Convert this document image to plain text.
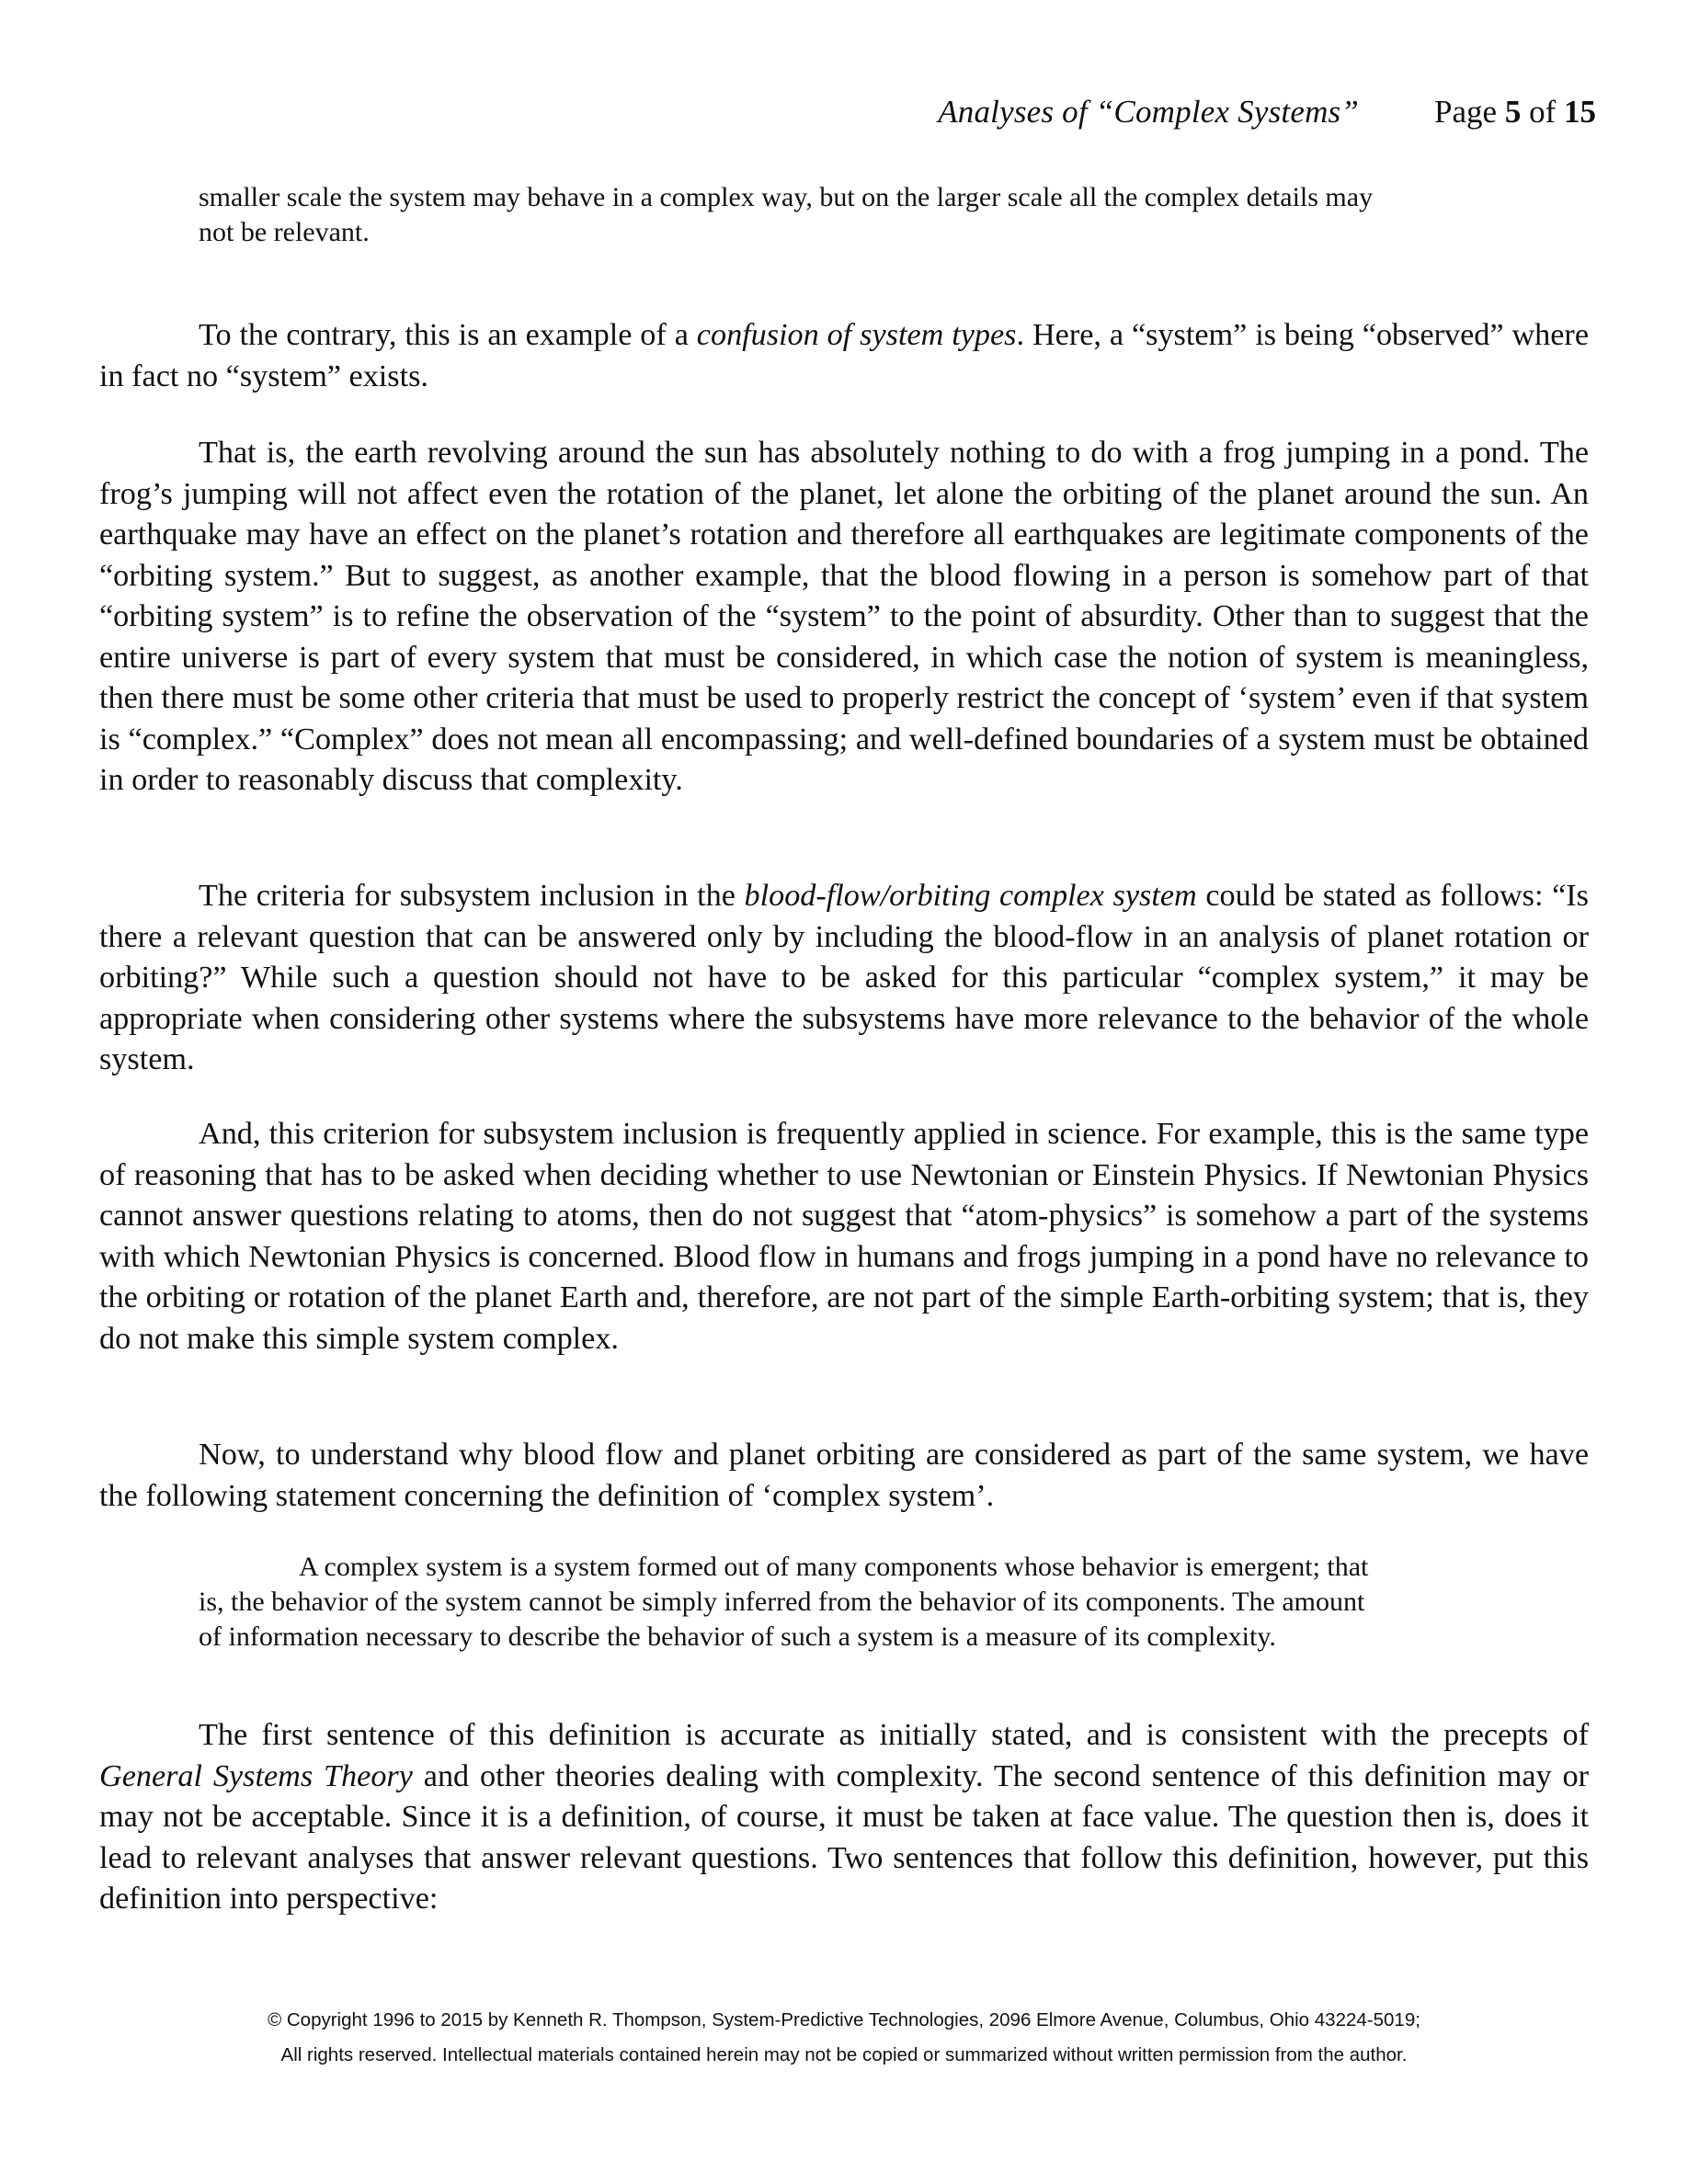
Analyses of “Complex Systems” Page 5 of 15
smaller scale the system may behave in a complex way, but on the larger scale all the complex details may
not be relevant.

To the contrary, this is an example of a confusion of system types. Here, a “system” is being “observed” where in fact no “system” exists.

That is, the earth revolving around the sun has absolutely nothing to do with a frog jumping in a pond. The frog’s jumping will not affect even the rotation of the planet, let alone the orbiting of the planet around the sun. An earthquake may have an effect on the planet’s rotation and therefore all earthquakes are legitimate components of the “orbiting system.” But to suggest, as another example, that the blood flowing in a person is somehow part of that “orbiting system” is to refine the observation of the “system” to the point of absurdity. Other than to suggest that the entire universe is part of every system that must be considered, in which case the notion of system is meaningless, then there must be some other criteria that must be used to properly restrict the concept of ‘system’ even if that system is “complex.” “Complex” does not mean all encompassing; and well-defined boundaries of a system must be obtained in order to reasonably discuss that complexity.

The criteria for subsystem inclusion in the blood-flow/orbiting complex system could be stated as follows: “Is there a relevant question that can be answered only by including the blood-flow in an analysis of planet rotation or orbiting?” While such a question should not have to be asked for this particular “complex system,” it may be appropriate when considering other systems where the subsystems have more relevance to the behavior of the whole system.

And, this criterion for subsystem inclusion is frequently applied in science. For example, this is the same type of reasoning that has to be asked when deciding whether to use Newtonian or Einstein Physics. If Newtonian Physics cannot answer questions relating to atoms, then do not suggest that “atom-physics” is somehow a part of the systems with which Newtonian Physics is concerned. Blood flow in humans and frogs jumping in a pond have no relevance to the orbiting or rotation of the planet Earth and, therefore, are not part of the simple Earth-orbiting system; that is, they do not make this simple system complex.

Now, to understand why blood flow and planet orbiting are considered as part of the same system, we have the following statement concerning the definition of ‘complex system’.

A complex system is a system formed out of many components whose behavior is emergent; that
is, the behavior of the system cannot be simply inferred from the behavior of its components. The amount
of information necessary to describe the behavior of such a system is a measure of its complexity.

The first sentence of this definition is accurate as initially stated, and is consistent with the precepts of General Systems Theory and other theories dealing with complexity. The second sentence of this definition may or may not be acceptable. Since it is a definition, of course, it must be taken at face value. The question then is, does it lead to relevant analyses that answer relevant questions. Two sentences that follow this definition, however, put this definition into perspective:

© Copyright 1996 to 2015 by Kenneth R. Thompson, System-Predictive Technologies, 2096 Elmore Avenue, Columbus, Ohio 43224-5019;
All rights reserved. Intellectual materials contained herein may not be copied or summarized without written permission from the author.
